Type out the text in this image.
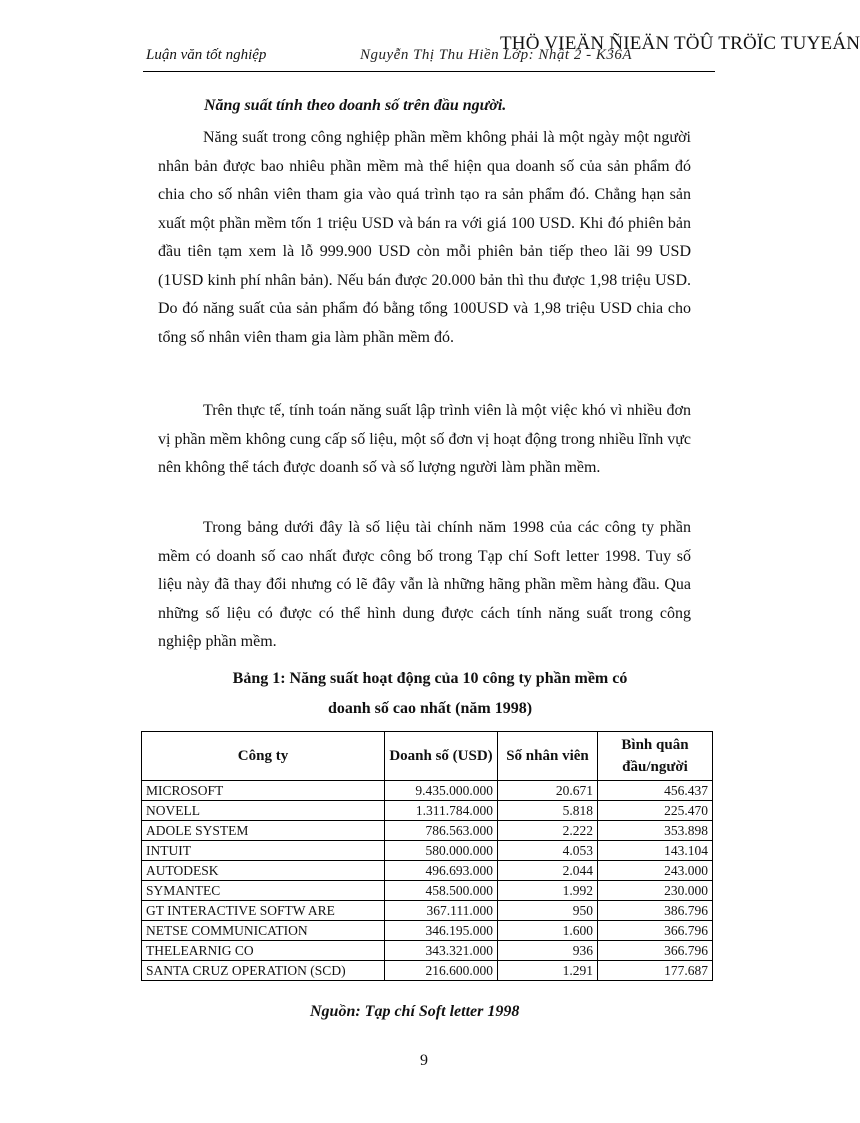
Luận văn tốt nghiệp	Nguyễn Thị Thu Hiền Lớp: Nhật 2 - K36A
THÖ VIEÄN ÑIEÄN TÖÛ TRÖÏC TUYEÁN
Năng suất tính theo doanh số trên đầu người.

Năng suất trong công nghiệp phần mềm không phải là một ngày một người nhân bản được bao nhiêu phần mềm mà thể hiện qua doanh số của sản phẩm đó chia cho số nhân viên tham gia vào quá trình tạo ra sản phẩm đó. Chẳng hạn sản xuất một phần mềm tốn 1 triệu USD và bán ra với giá 100 USD. Khi đó phiên bản đầu tiên tạm xem là lỗ 999.900 USD còn mỗi phiên bản tiếp theo lãi 99 USD (1USD kinh phí nhân bản). Nếu bán được 20.000 bản thì thu được 1,98 triệu USD. Do đó năng suất của sản phẩm đó bằng tổng 100USD và 1,98 triệu USD chia cho tổng số nhân viên tham gia làm phần mềm đó.

Trên thực tế, tính toán năng suất lập trình viên là một việc khó vì nhiều đơn vị phần mềm không cung cấp số liệu, một số đơn vị hoạt động trong nhiều lĩnh vực nên không thể tách được doanh số và số lượng người làm phần mềm.

Trong bảng dưới đây là số liệu tài chính năm 1998 của các công ty phần mềm có doanh số cao nhất được công bố trong Tạp chí Soft letter 1998. Tuy số liệu này đã thay đổi nhưng có lẽ đây vẫn là những hãng phần mềm hàng đầu. Qua những số liệu có được có thể hình dung được cách tính năng suất trong công nghiệp phần mềm.

Bảng 1: Năng suất hoạt động của 10 công ty phần mềm có
doanh số cao nhất (năm 1998)
Công ty	Doanh số (USD)	Số nhân viên	Bình quân đầu/người
MICROSOFT	9.435.000.000	20.671	456.437
NOVELL	1.311.784.000	5.818	225.470
ADOLE SYSTEM	786.563.000	2.222	353.898
INTUIT	580.000.000	4.053	143.104
AUTODESK	496.693.000	2.044	243.000
SYMANTEC	458.500.000	1.992	230.000
GT INTERACTIVE SOFTW ARE	367.111.000	950	386.796
NETSE COMMUNICATION	346.195.000	1.600	366.796
THELEARNIG CO	343.321.000	936	366.796
SANTA CRUZ OPERATION (SCD)	216.600.000	1.291	177.687
Nguồn: Tạp chí Soft letter 1998
9
